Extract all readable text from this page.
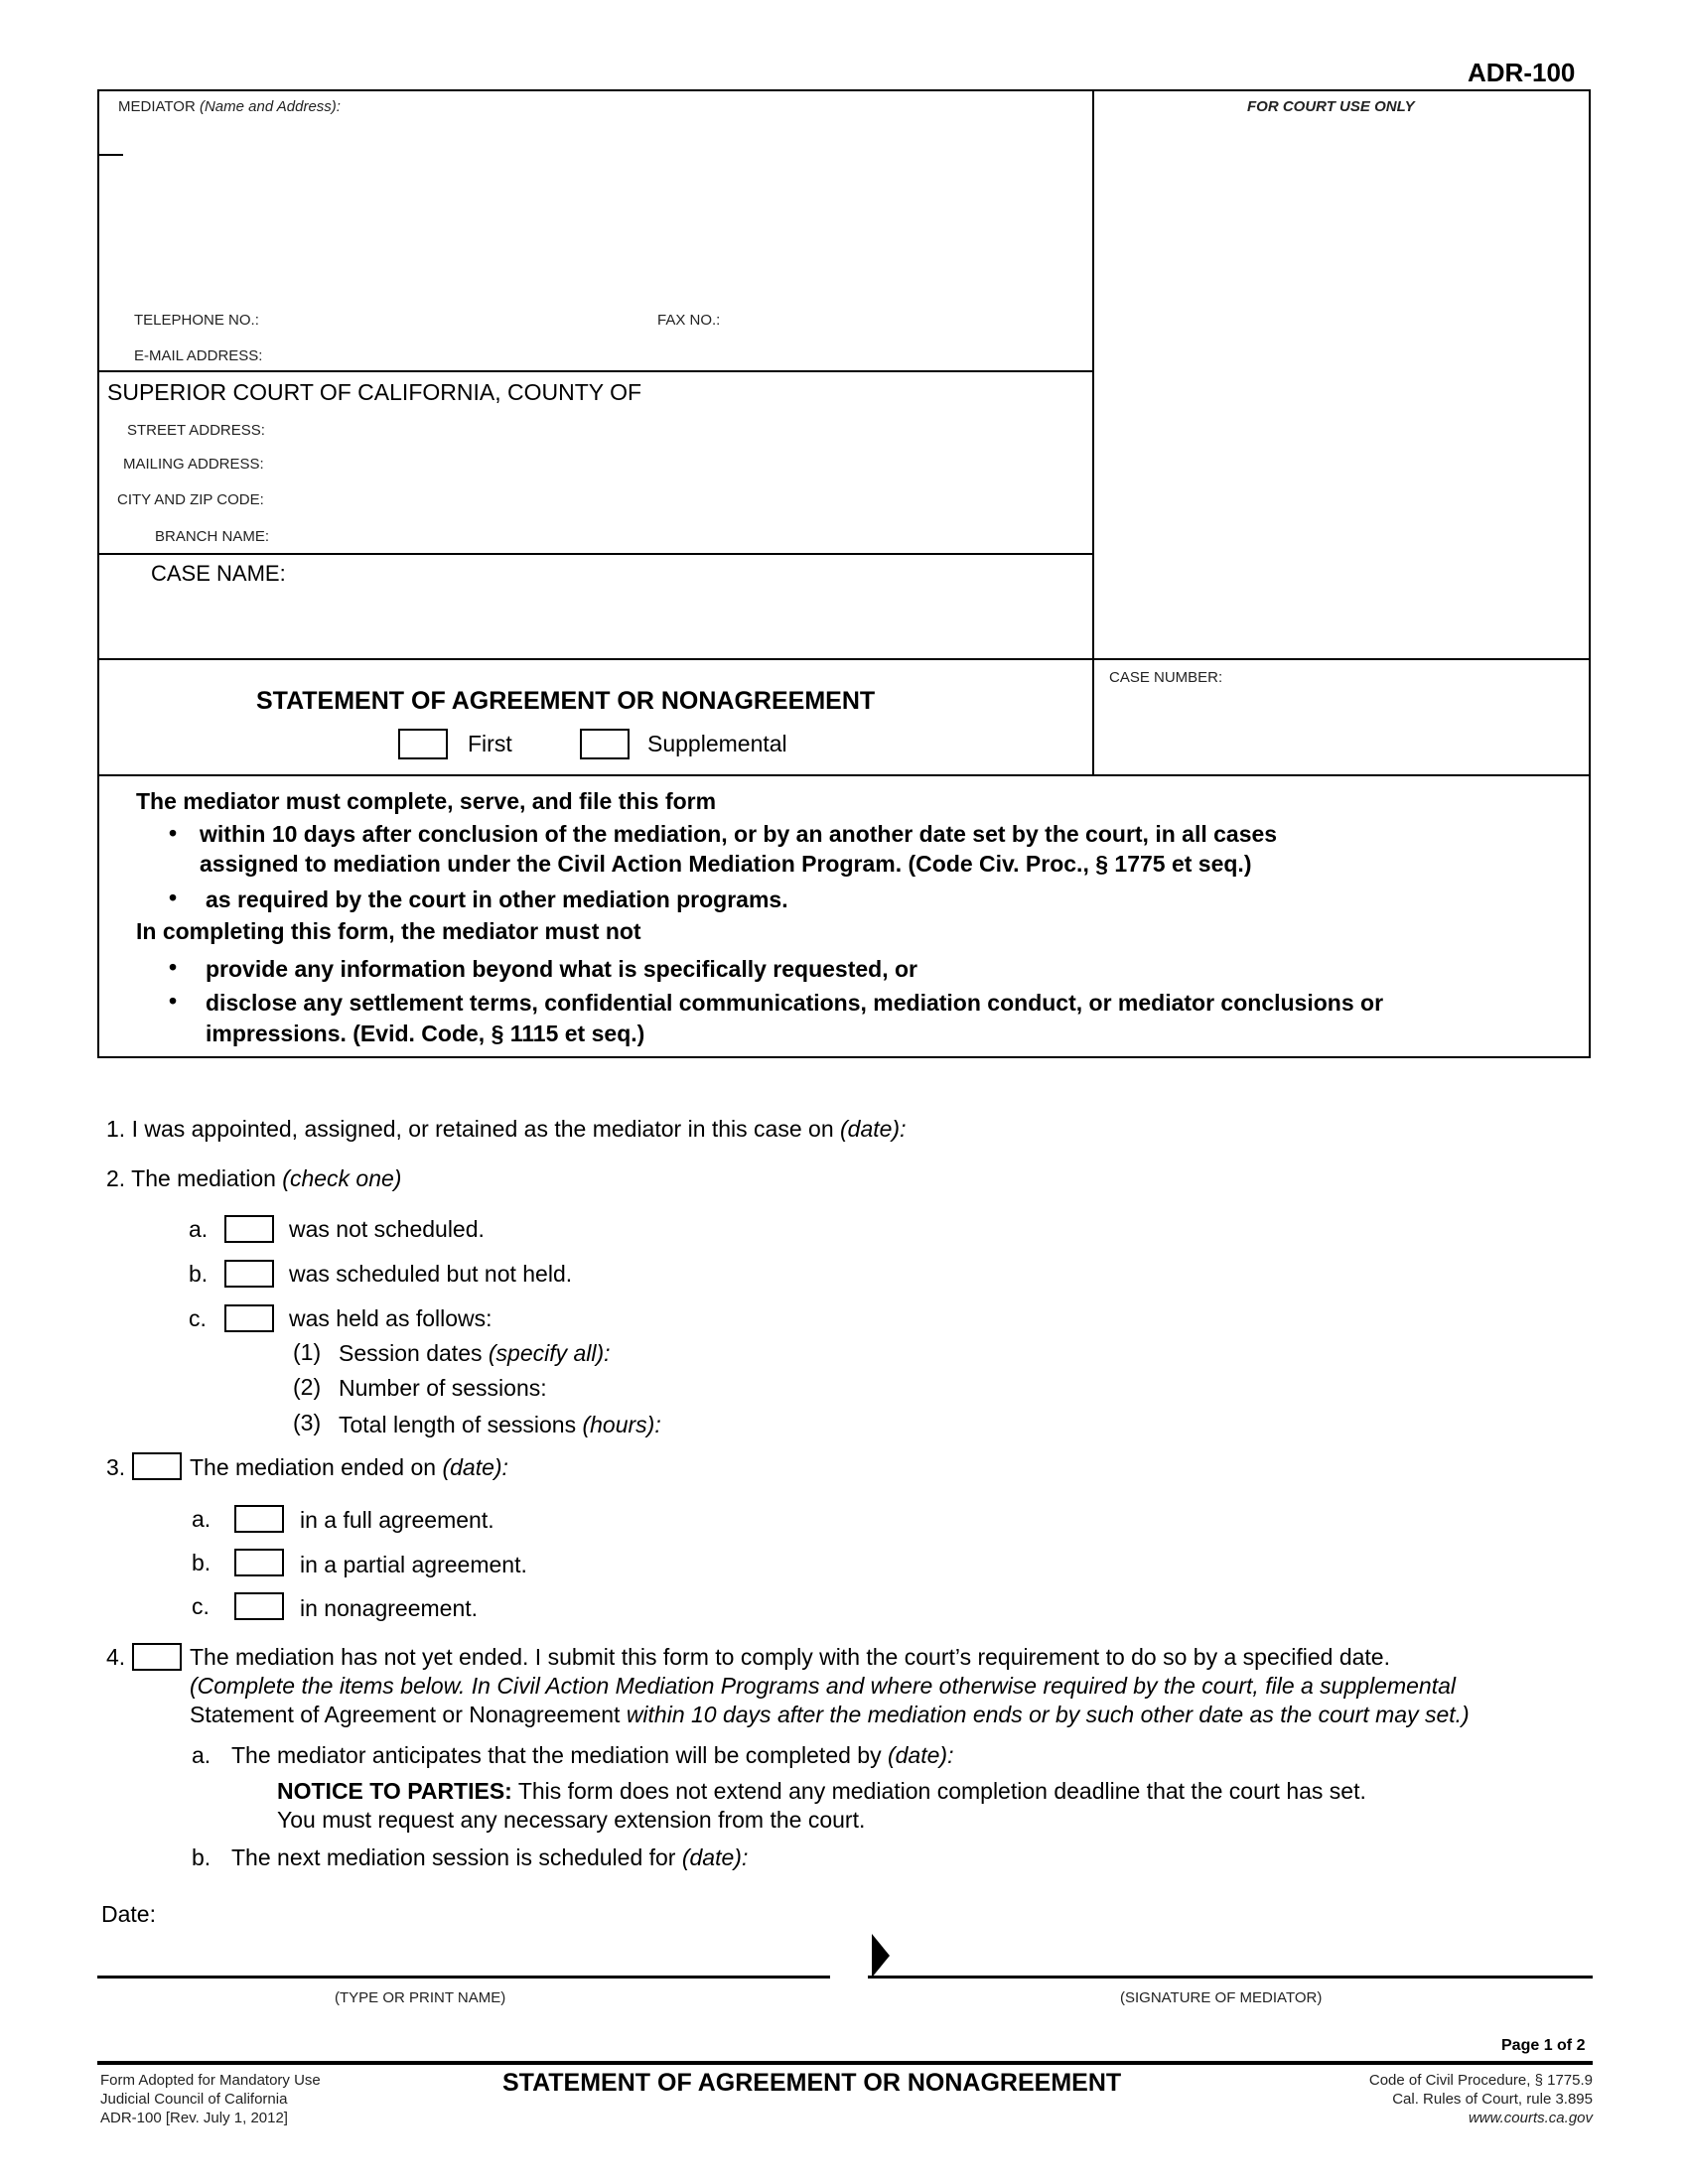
ADR-100
MEDIATOR (Name and Address):	FOR COURT USE ONLY
TELEPHONE NO.:	FAX NO.:
E-MAIL ADDRESS:
SUPERIOR COURT OF CALIFORNIA, COUNTY OF
STREET ADDRESS:
MAILING ADDRESS:
CITY AND ZIP CODE:
BRANCH NAME:
CASE NAME:
CASE NUMBER:
STATEMENT OF AGREEMENT OR NONAGREEMENT
First	Supplemental
The mediator must complete, serve, and file this form
• within 10 days after conclusion of the mediation, or by an another date set by the court, in all cases
assigned to mediation under the Civil Action Mediation Program. (Code Civ. Proc., § 1775 et seq.)
• as required by the court in other mediation programs.
In completing this form, the mediator must not
• provide any information beyond what is specifically requested, or
• disclose any settlement terms, confidential communications, mediation conduct, or mediator conclusions or
impressions. (Evid. Code, § 1115 et seq.)
1. I was appointed, assigned, or retained as the mediator in this case on (date):
2. The mediation (check one)
a.	was not scheduled.
b.	was scheduled but not held.
c.	was held as follows:
(1) Session dates (specify all):
(2) Number of sessions:
(3) Total length of sessions (hours):
3.	The mediation ended on (date):
a.	in a full agreement.
b.	in a partial agreement.
c.	in nonagreement.
4.	The mediation has not yet ended. I submit this form to comply with the court’s requirement to do so by a specified date.
(Complete the items below. In Civil Action Mediation Programs and where otherwise required by the court, file a supplemental
Statement of Agreement or Nonagreement within 10 days after the mediation ends or by such other date as the court may set.)
a. The mediator anticipates that the mediation will be completed by (date):
NOTICE TO PARTIES: This form does not extend any mediation completion deadline that the court has set.
You must request any necessary extension from the court.
b. The next mediation session is scheduled for (date):
Date:
(TYPE OR PRINT NAME)	(SIGNATURE OF MEDIATOR)
Page 1 of 2
Form Adopted for Mandatory Use
Judicial Council of California
ADR-100 [Rev. July 1, 2012]
STATEMENT OF AGREEMENT OR NONAGREEMENT	Code of Civil Procedure, § 1775.9
Cal. Rules of Court, rule 3.895
www.courts.ca.gov
